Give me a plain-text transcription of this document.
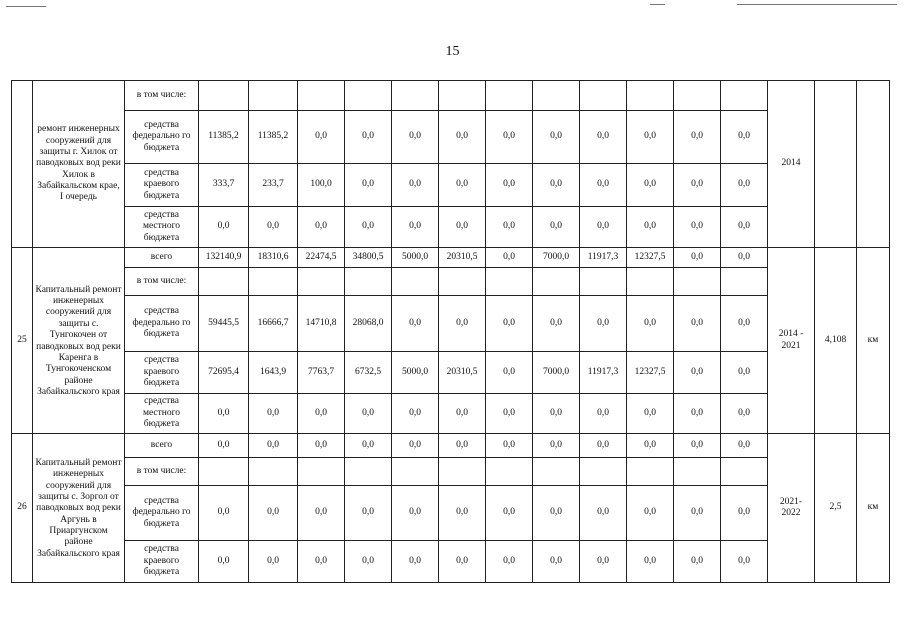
15
	ремонт инженерных сооружений для защиты г. Хилок от паводковых вод реки Хилок в Забайкальском крае, I очередь	в том числе:													2014		
		средства федерально го бюджета	11385,2	11385,2	0,0	0,0	0,0	0,0	0,0	0,0	0,0	0,0	0,0	0,0			
		средства краевого бюджета	333,7	233,7	100,0	0,0	0,0	0,0	0,0	0,0	0,0	0,0	0,0	0,0			
		средства местного бюджета	0,0	0,0	0,0	0,0	0,0	0,0	0,0	0,0	0,0	0,0	0,0	0,0			
25	Капитальный ремонт инженерных сооружений для защиты с. Тунгокочен от паводковых вод реки Каренга в Тунгокоченском районе Забайкальского края	всего	132140,9	18310,6	22474,5	34800,5	5000,0	20310,5	0,0	7000,0	11917,3	12327,5	0,0	0,0	2014 - 2021	4,108	км
		в том числе:															
		средства федерально го бюджета	59445,5	16666,7	14710,8	28068,0	0,0	0,0	0,0	0,0	0,0	0,0	0,0	0,0			
		средства краевого бюджета	72695,4	1643,9	7763,7	6732,5	5000,0	20310,5	0,0	7000,0	11917,3	12327,5	0,0	0,0			
		средства местного бюджета	0,0	0,0	0,0	0,0	0,0	0,0	0,0	0,0	0,0	0,0	0,0	0,0			
26	Капитальный ремонт инженерных сооружений для защиты с. Зоргол от паводковых вод реки Аргунь в Приаргунском районе Забайкальского края	всего	0,0	0,0	0,0	0,0	0,0	0,0	0,0	0,0	0,0	0,0	0,0	0,0	2021- 2022	2,5	км
		в том числе:															
		средства федерально го бюджета	0,0	0,0	0,0	0,0	0,0	0,0	0,0	0,0	0,0	0,0	0,0	0,0			
		средства краевого бюджета	0,0	0,0	0,0	0,0	0,0	0,0	0,0	0,0	0,0	0,0	0,0	0,0			
